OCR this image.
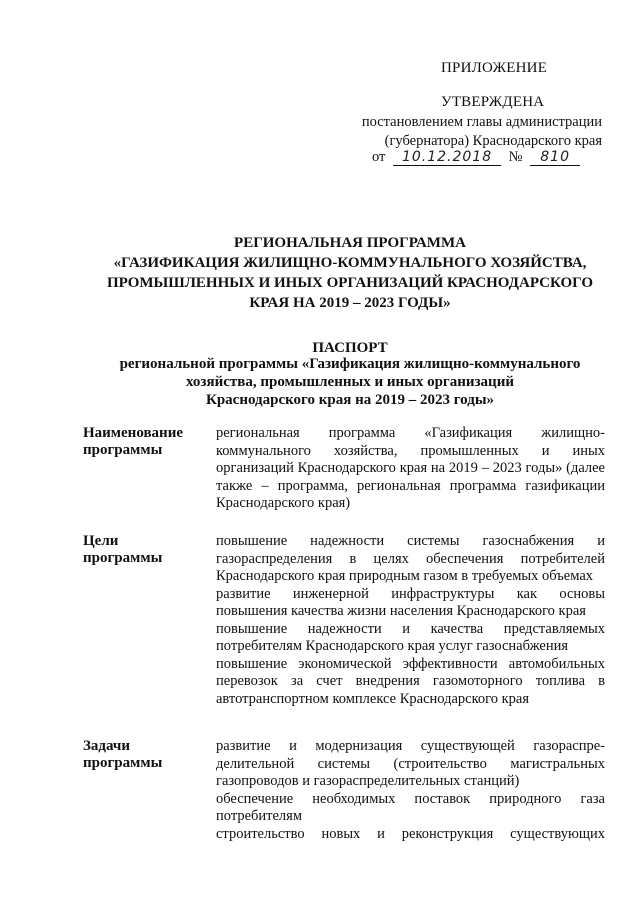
ПРИЛОЖЕНИЕ
УТВЕРЖДЕНА
постановлением главы администрации
(губернатора) Краснодарского края
от 10.12.2018 № 810
РЕГИОНАЛЬНАЯ ПРОГРАММА
«ГАЗИФИКАЦИЯ ЖИЛИЩНО-КОММУНАЛЬНОГО ХОЗЯЙСТВА,
ПРОМЫШЛЕННЫХ И ИНЫХ ОРГАНИЗАЦИЙ КРАСНОДАРСКОГО
КРАЯ НА 2019 – 2023 ГОДЫ»
ПАСПОРТ
региональной программы «Газификация жилищно-коммунального
хозяйства, промышленных и иных организаций
Краснодарского края на 2019 – 2023 годы»
Наименование
программы

региональная программа «Газификация жилищно-коммунального хозяйства, промышленных и иных организаций Краснодарского края на 2019 – 2023 годы» (далее также – программа, региональная программа газификации Краснодарского края)

Цели
программы

повышение надежности системы газоснабжения и газораспределения в целях обеспечения потребителей Краснодарского края природным газом в требуемых объемах

развитие инженерной инфраструктуры как основы повышения качества жизни населения Краснодарского края

повышение надежности и качества представляемых потребителям Краснодарского края услуг газоснабжения

повышение экономической эффективности автомобильных перевозок за счет внедрения газомоторного топлива в автотранспортном комплексе Краснодарского края

Задачи
программы

развитие и модернизация существующей газораспре-делительной системы (строительство магистральных газопроводов и газораспределительных станций)

обеспечение необходимых поставок природного газа потребителям

строительство новых и реконструкция существующих
